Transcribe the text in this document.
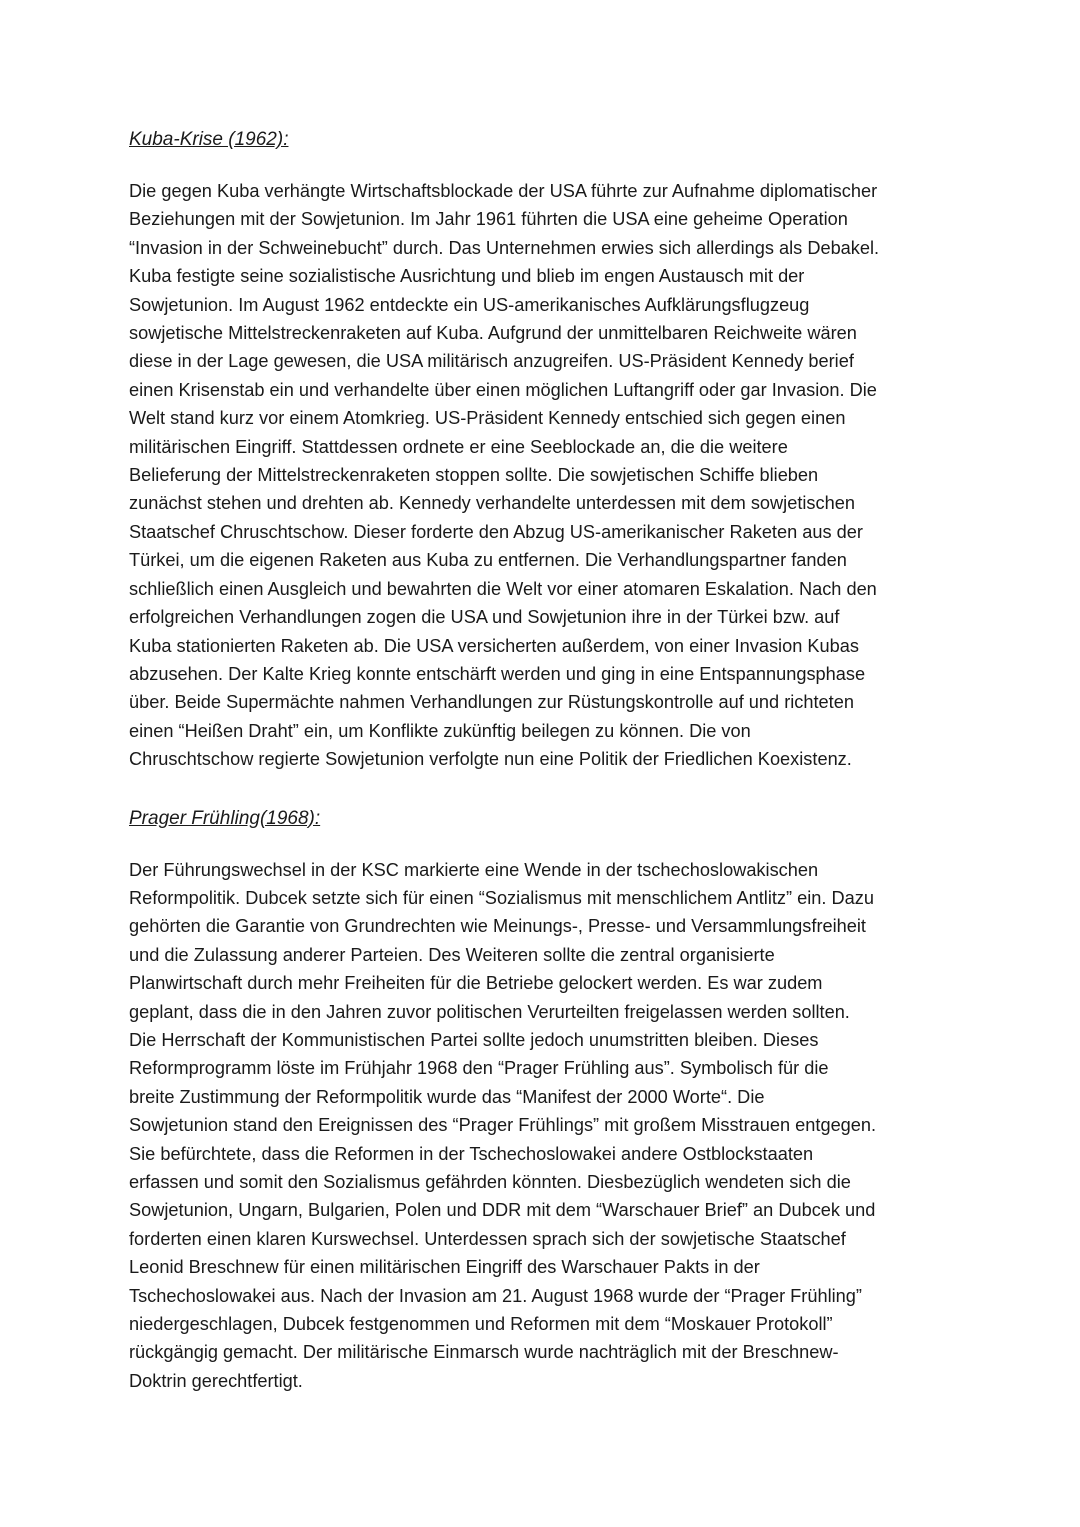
Kuba-Krise (1962):

Die gegen Kuba verhängte Wirtschaftsblockade der USA führte zur Aufnahme diplomatischer
Beziehungen mit der Sowjetunion. Im Jahr 1961 führten die USA eine geheime Operation
“Invasion in der Schweinebucht” durch. Das Unternehmen erwies sich allerdings als Debakel.
Kuba festigte seine sozialistische Ausrichtung und blieb im engen Austausch mit der
Sowjetunion. Im August 1962 entdeckte ein US-amerikanisches Aufklärungsflugzeug
sowjetische Mittelstreckenraketen auf Kuba. Aufgrund der unmittelbaren Reichweite wären
diese in der Lage gewesen, die USA militärisch anzugreifen. US-Präsident Kennedy berief
einen Krisenstab ein und verhandelte über einen möglichen Luftangriff oder gar Invasion. Die
Welt stand kurz vor einem Atomkrieg. US-Präsident Kennedy entschied sich gegen einen
militärischen Eingriff. Stattdessen ordnete er eine Seeblockade an, die die weitere
Belieferung der Mittelstreckenraketen stoppen sollte. Die sowjetischen Schiffe blieben
zunächst stehen und drehten ab. Kennedy verhandelte unterdessen mit dem sowjetischen
Staatschef Chruschtschow. Dieser forderte den Abzug US-amerikanischer Raketen aus der
Türkei, um die eigenen Raketen aus Kuba zu entfernen. Die Verhandlungspartner fanden
schließlich einen Ausgleich und bewahrten die Welt vor einer atomaren Eskalation. Nach den
erfolgreichen Verhandlungen zogen die USA und Sowjetunion ihre in der Türkei bzw. auf
Kuba stationierten Raketen ab. Die USA versicherten außerdem, von einer Invasion Kubas
abzusehen. Der Kalte Krieg konnte entschärft werden und ging in eine Entspannungsphase
über. Beide Supermächte nahmen Verhandlungen zur Rüstungskontrolle auf und richteten
einen “Heißen Draht” ein, um Konflikte zukünftig beilegen zu können. Die von
Chruschtschow regierte Sowjetunion verfolgte nun eine Politik der Friedlichen Koexistenz.

Prager Frühling(1968):

Der Führungswechsel in der KSC markierte eine Wende in der tschechoslowakischen
Reformpolitik. Dubcek setzte sich für einen “Sozialismus mit menschlichem Antlitz” ein. Dazu
gehörten die Garantie von Grundrechten wie Meinungs-, Presse- und Versammlungsfreiheit
und die Zulassung anderer Parteien. Des Weiteren sollte die zentral organisierte
Planwirtschaft durch mehr Freiheiten für die Betriebe gelockert werden. Es war zudem
geplant, dass die in den Jahren zuvor politischen Verurteilten freigelassen werden sollten.
Die Herrschaft der Kommunistischen Partei sollte jedoch unumstritten bleiben. Dieses
Reformprogramm löste im Frühjahr 1968 den “Prager Frühling aus”. Symbolisch für die
breite Zustimmung der Reformpolitik wurde das “Manifest der 2000 Worte“. Die
Sowjetunion stand den Ereignissen des “Prager Frühlings” mit großem Misstrauen entgegen.
Sie befürchtete, dass die Reformen in der Tschechoslowakei andere Ostblockstaaten
erfassen und somit den Sozialismus gefährden könnten. Diesbezüglich wendeten sich die
Sowjetunion, Ungarn, Bulgarien, Polen und DDR mit dem “Warschauer Brief” an Dubcek und
forderten einen klaren Kurswechsel. Unterdessen sprach sich der sowjetische Staatschef
Leonid Breschnew für einen militärischen Eingriff des Warschauer Pakts in der
Tschechoslowakei aus. Nach der Invasion am 21. August 1968 wurde der “Prager Frühling”
niedergeschlagen, Dubcek festgenommen und Reformen mit dem “Moskauer Protokoll”
rückgängig gemacht. Der militärische Einmarsch wurde nachträglich mit der Breschnew-
Doktrin gerechtfertigt.
